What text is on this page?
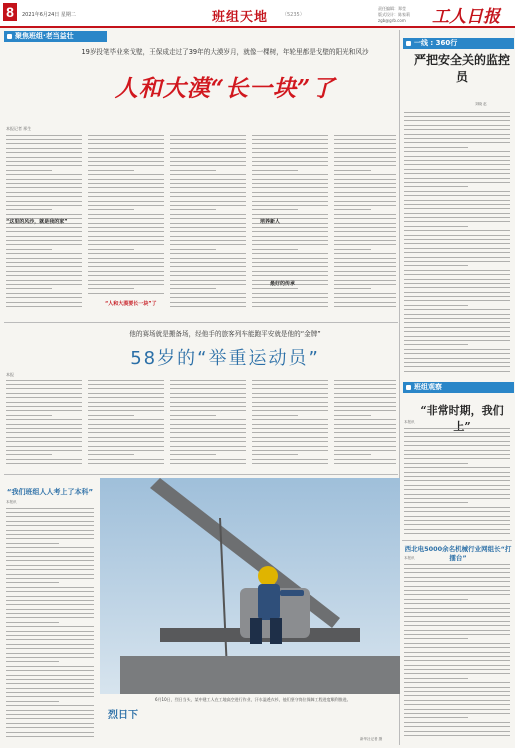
8	2021年6月24日 星期二	班组天地	（5235）
责任编辑：郑莹
版式设计：陈家莉
zgb@grb.com 工人日报
聚焦班组·老当益壮
一线 : 360行
班组观察
19岁投笔毕业来戈壁，王保成走过了39年的大漠岁月，就像一棵树，年轮里都是戈壁的阳光和风沙
人和大漠“长一块”了
本报记者 邢生
“人和大漠要长一块”了
他的赛场就是搬备场，经他手的旅客列车能跑平安就是他的“金牌”
58岁的“举重运动员”
本报
严把安全关的监控员
刘晓 赵
“非常时期，我们
本报讯
西北电5000余名机械行业网组长“打擂台”
本报讯
“我们班组人人考上了本科”
本报讯
烈日下
6月10日，烈日当头，某中建工人在工地高空进行作业，汗水湿透衣衫，他们坚守岗位保障工程进度顺利推进。
新华社记者 摄
